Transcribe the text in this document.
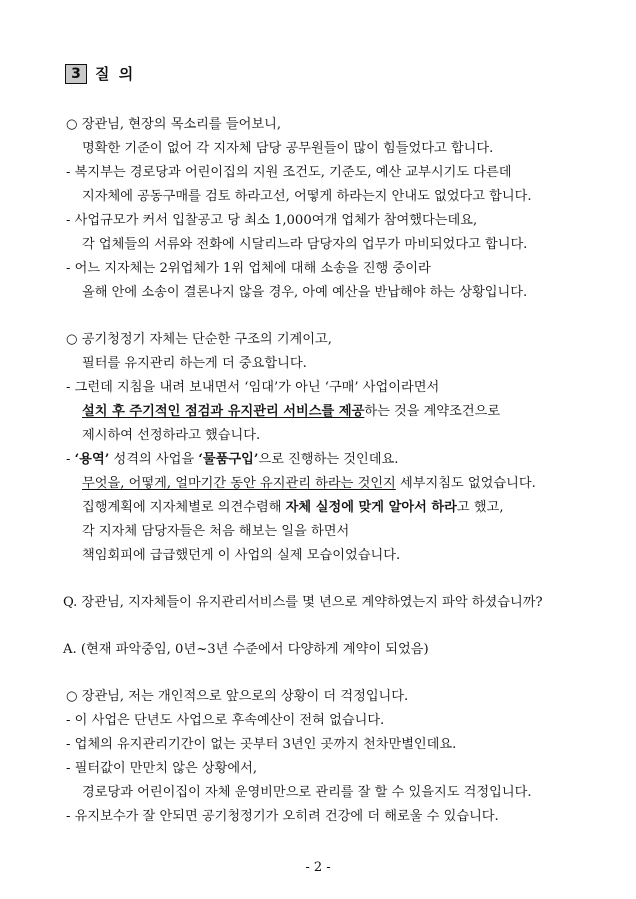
3 질 의
○ 장관님, 현장의 목소리를 들어보니,
명확한 기준이 없어 각 지자체 담당 공무원들이 많이 힘들었다고 합니다.
- 복지부는 경로당과 어린이집의 지원 조건도, 기준도, 예산 교부시기도 다른데
지자체에 공동구매를 검토 하라고선, 어떻게 하라는지 안내도 없었다고 합니다.
- 사업규모가 커서 입찰공고 당 최소 1,000여개 업체가 참여했다는데요,
각 업체들의 서류와 전화에 시달리느라 담당자의 업무가 마비되었다고 합니다.
- 어느 지자체는 2위업체가 1위 업체에 대해 소송을 진행 중이라
올해 안에 소송이 결론나지 않을 경우, 아예 예산을 반납해야 하는 상황입니다.
○ 공기청정기 자체는 단순한 구조의 기계이고,
필터를 유지관리 하는게 더 중요합니다.
- 그런데 지침을 내려 보내면서 ‘임대’가 아닌 ‘구매’ 사업이라면서
설치 후 주기적인 점검과 유지관리 서비스를 제공하는 것을 계약조건으로
제시하여 선정하라고 했습니다.
- ‘용역’ 성격의 사업을 ‘물품구입’으로 진행하는 것인데요.
무엇을, 어떻게, 얼마기간 동안 유지관리 하라는 것인지 세부지침도 없었습니다.
집행계획에 지자체별로 의견수렴해 자체 실정에 맞게 알아서 하라고 했고,
각 지자체 담당자들은 처음 해보는 일을 하면서
책임회피에 급급했던게 이 사업의 실제 모습이었습니다.
Q. 장관님, 지자체들이 유지관리서비스를 몇 년으로 계약하였는지 파악 하셨습니까?
A. (현재 파악중임, 0년~3년 수준에서 다양하게 계약이 되었음)
○ 장관님, 저는 개인적으로 앞으로의 상황이 더 걱정입니다.
- 이 사업은 단년도 사업으로 후속예산이 전혀 없습니다.
- 업체의 유지관리기간이 없는 곳부터 3년인 곳까지 천차만별인데요.
- 필터값이 만만치 않은 상황에서,
경로당과 어린이집이 자체 운영비만으로 관리를 잘 할 수 있을지도 걱정입니다.
- 유지보수가 잘 안되면 공기청정기가 오히려 건강에 더 해로울 수 있습니다.
- 2 -
